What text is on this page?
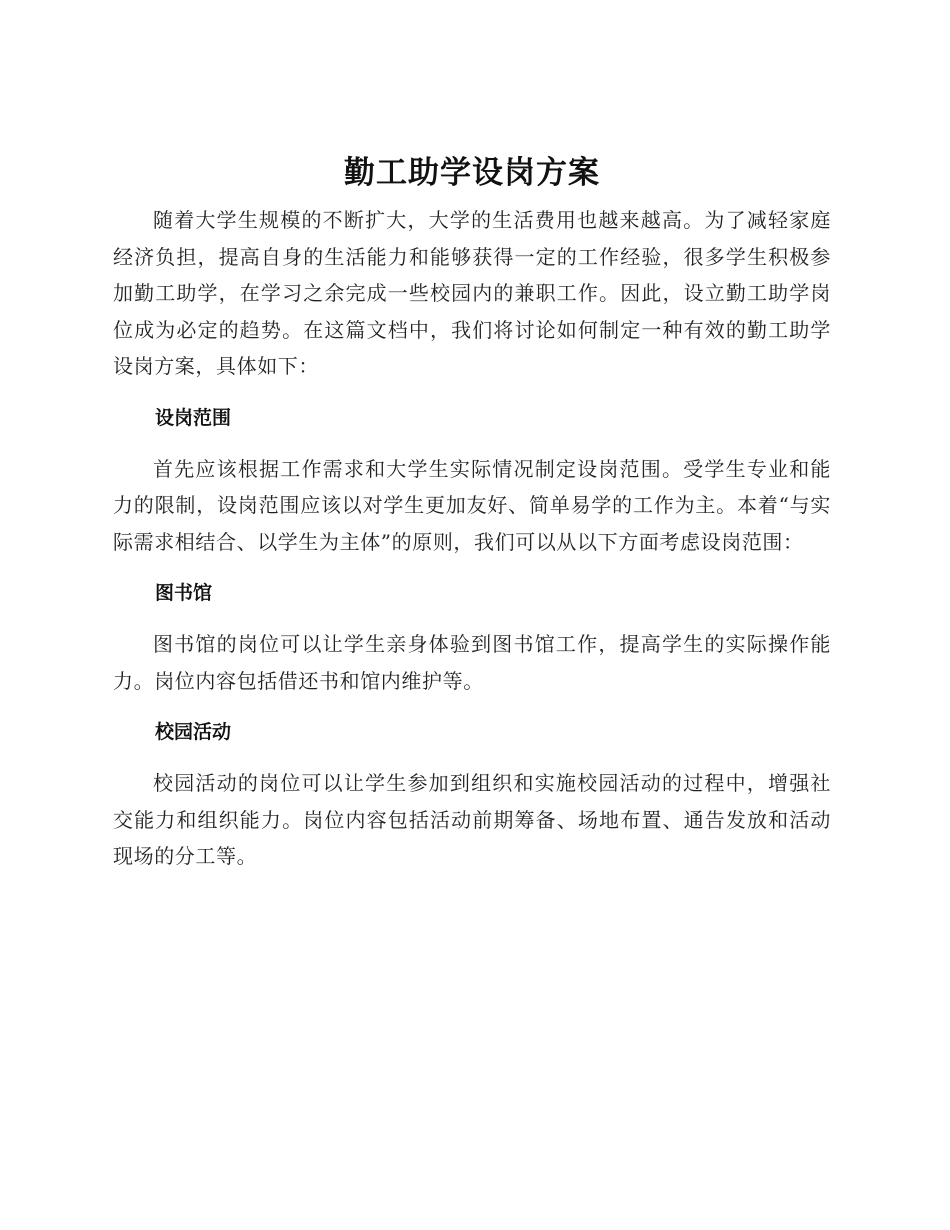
勤工助学设岗方案

随着大学生规模的不断扩大，大学的生活费用也越来越高。为了减轻家庭经济负担，提高自身的生活能力和能够获得一定的工作经验，很多学生积极参加勤工助学，在学习之余完成一些校园内的兼职工作。因此，设立勤工助学岗位成为必定的趋势。在这篇文档中，我们将讨论如何制定一种有效的勤工助学设岗方案，具体如下：

设岗范围

首先应该根据工作需求和大学生实际情况制定设岗范围。受学生专业和能力的限制，设岗范围应该以对学生更加友好、简单易学的工作为主。本着“与实际需求相结合、以学生为主体”的原则，我们可以从以下方面考虑设岗范围：

图书馆

图书馆的岗位可以让学生亲身体验到图书馆工作，提高学生的实际操作能力。岗位内容包括借还书和馆内维护等。

校园活动

校园活动的岗位可以让学生参加到组织和实施校园活动的过程中，增强社交能力和组织能力。岗位内容包括活动前期筹备、场地布置、通告发放和活动现场的分工等。
